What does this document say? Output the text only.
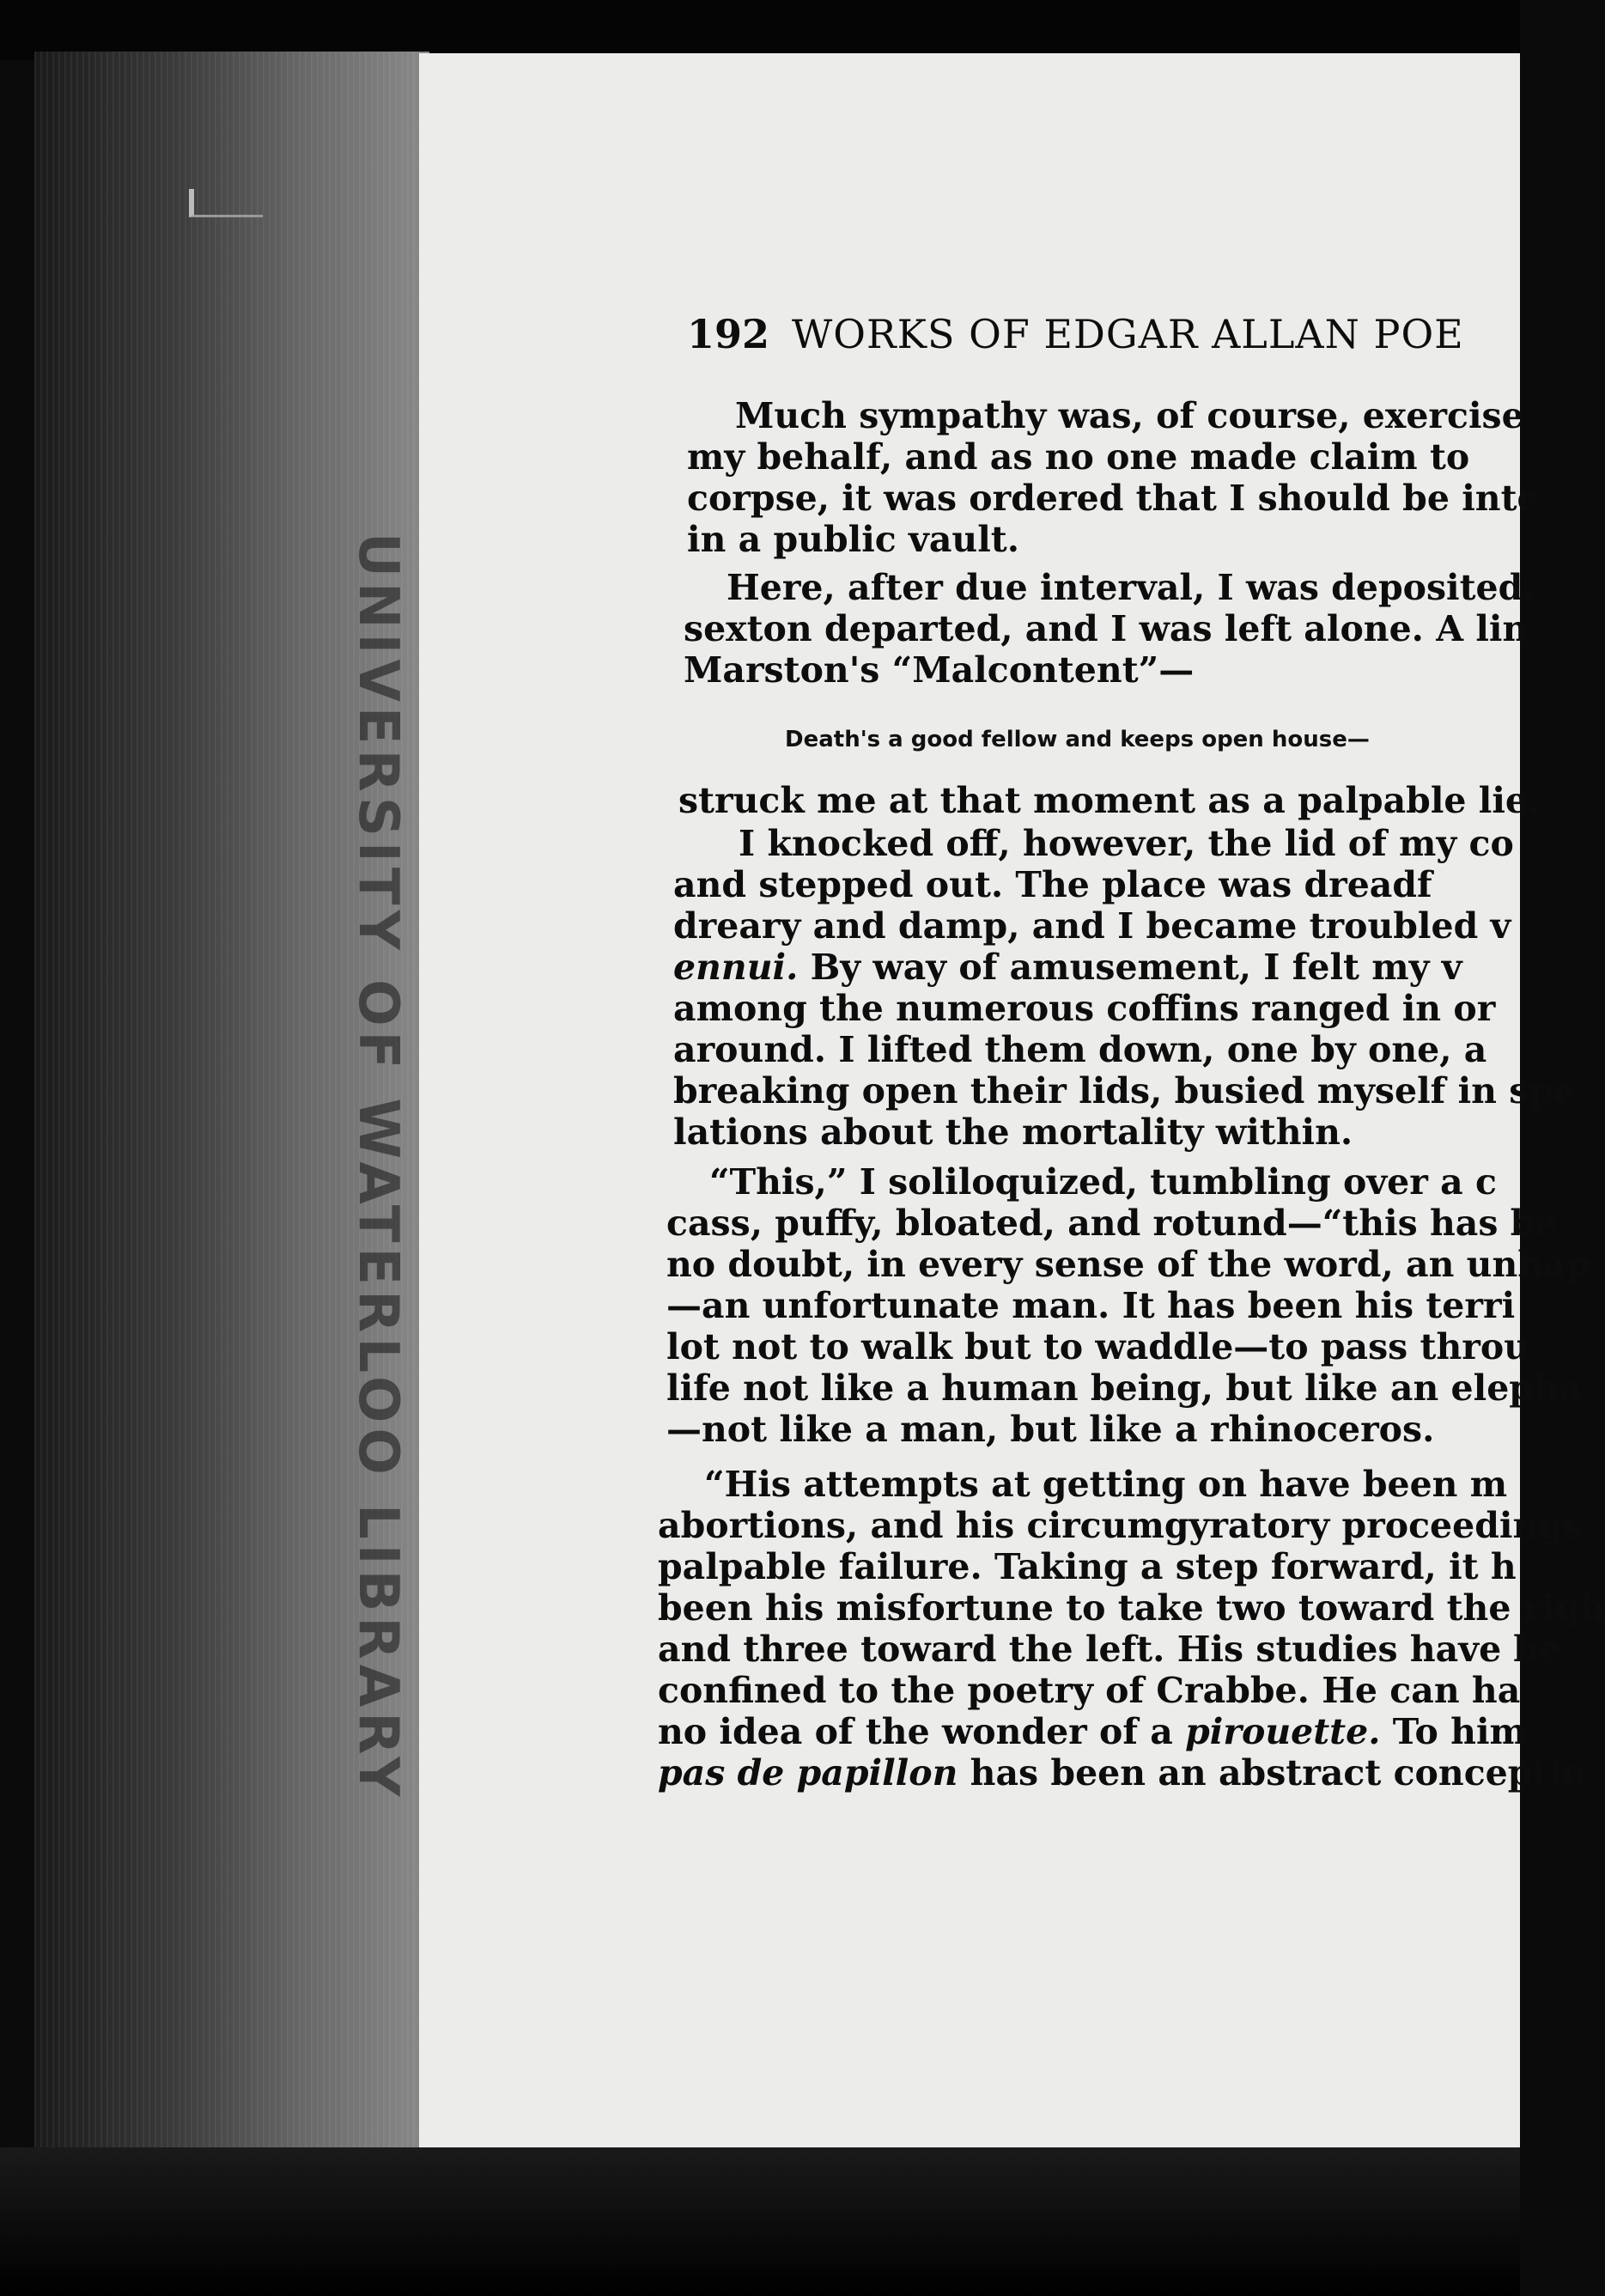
UNIVERSITY OF WATERLOO LIBRARY
192 WORKS OF EDGAR ALLAN POE
Much sympathy was, of course, exercise
my behalf, and as no one made claim to
corpse, it was ordered that I should be inte
in a public vault.
Here, after due interval, I was deposited.
sexton departed, and I was left alone. A lin
Marston's “Malcontent”—
Death's a good fellow and keeps open house—
struck me at that moment as a palpable lie.
I knocked off, however, the lid of my co
and stepped out. The place was dreadf
dreary and damp, and I became troubled v
ennui. By way of amusement, I felt my v
among the numerous coffins ranged in or
around. I lifted them down, one by one, a
breaking open their lids, busied myself in spe
lations about the mortality within.
“This,” I soliloquized, tumbling over a c
cass, puffy, bloated, and rotund—“this has be
no doubt, in every sense of the word, an unhap
—an unfortunate man. It has been his terri
lot not to walk but to waddle—to pass throu
life not like a human being, but like an elepha
—not like a man, but like a rhinoceros.
“His attempts at getting on have been m
abortions, and his circumgyratory proceedings
palpable failure. Taking a step forward, it h
been his misfortune to take two toward the righ
and three toward the left. His studies have be
confined to the poetry of Crabbe. He can ha
no idea of the wonder of a pirouette. To him
pas de papillon has been an abstract conceptio
